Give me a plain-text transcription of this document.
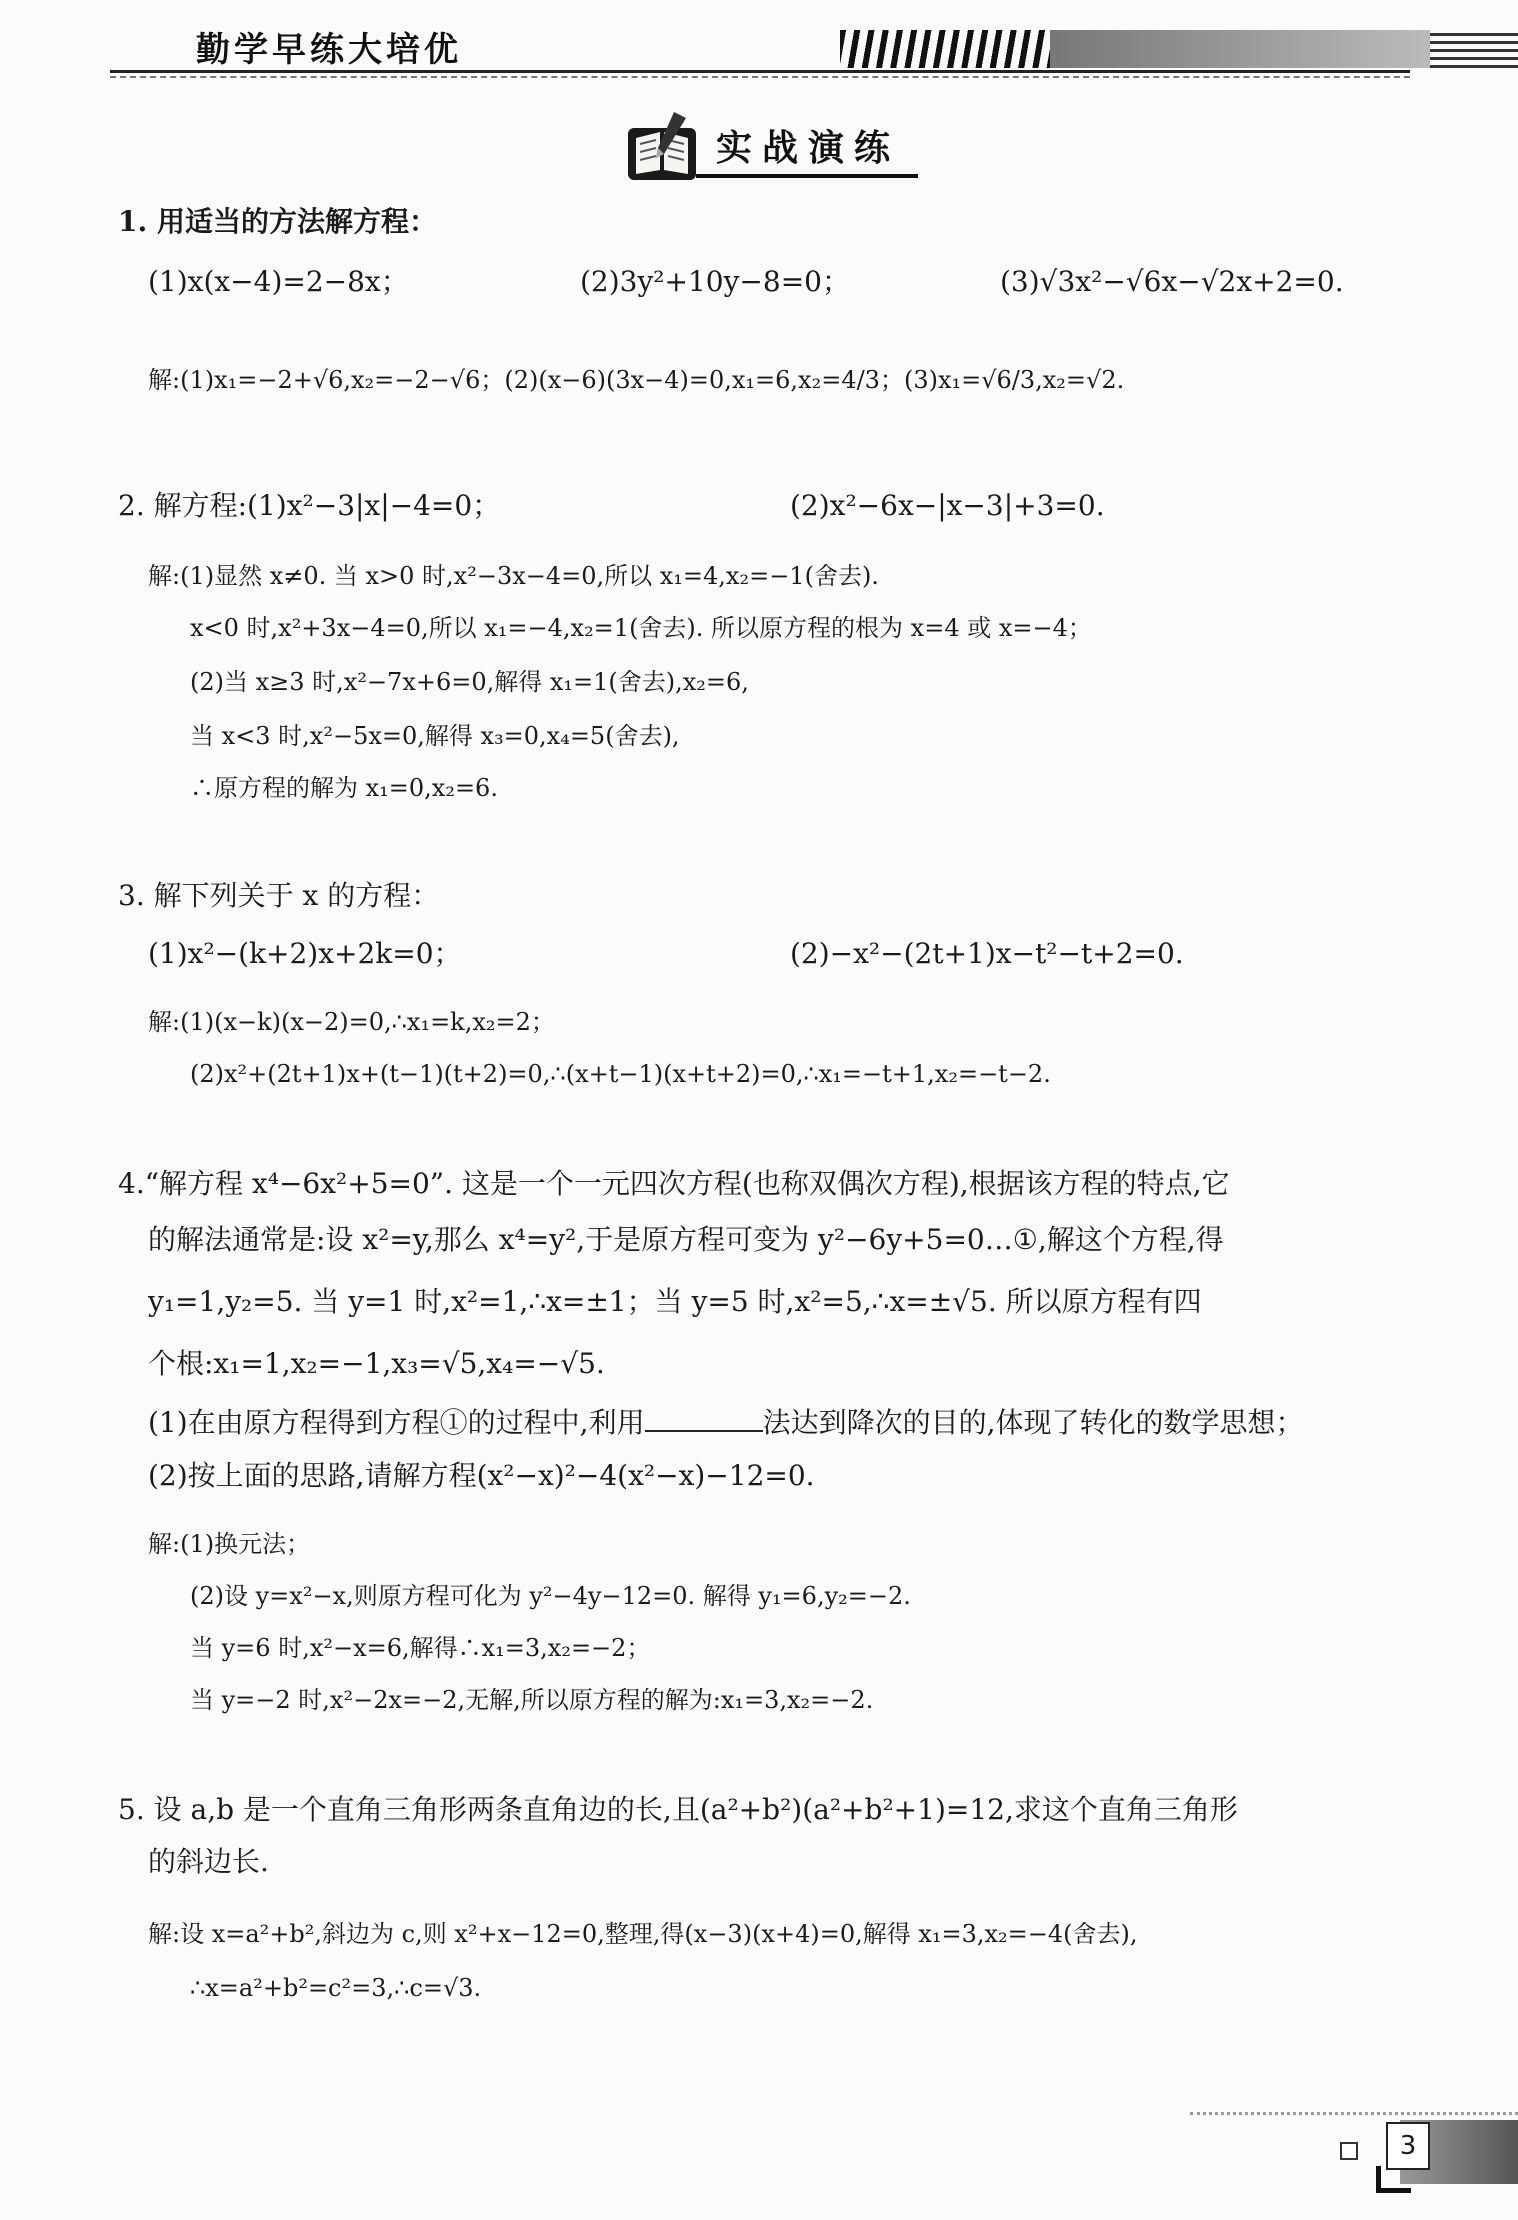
勤学早练大培优
实战演练
1. 用适当的方法解方程：
(1)x(x−4)=2−8x；	(2)3y²+10y−8=0；	(3)√3x²−√6x−√2x+2=0.
解:(1)x₁=−2+√6,x₂=−2−√6；(2)(x−6)(3x−4)=0,x₁=6,x₂=4/3；(3)x₁=√6/3,x₂=√2.
2. 解方程:(1)x²−3|x|−4=0；	(2)x²−6x−|x−3|+3=0.
解:(1)显然 x≠0. 当 x>0 时,x²−3x−4=0,所以 x₁=4,x₂=−1(舍去).
x<0 时,x²+3x−4=0,所以 x₁=−4,x₂=1(舍去). 所以原方程的根为 x=4 或 x=−4；
(2)当 x≥3 时,x²−7x+6=0,解得 x₁=1(舍去),x₂=6,
当 x<3 时,x²−5x=0,解得 x₃=0,x₄=5(舍去),
∴原方程的解为 x₁=0,x₂=6.
3. 解下列关于 x 的方程：
(1)x²−(k+2)x+2k=0；	(2)−x²−(2t+1)x−t²−t+2=0.
解:(1)(x−k)(x−2)=0,∴x₁=k,x₂=2；
(2)x²+(2t+1)x+(t−1)(t+2)=0,∴(x+t−1)(x+t+2)=0,∴x₁=−t+1,x₂=−t−2.
4.“解方程 x⁴−6x²+5=0”. 这是一个一元四次方程(也称双偶次方程),根据该方程的特点,它
的解法通常是:设 x²=y,那么 x⁴=y²,于是原方程可变为 y²−6y+5=0…①,解这个方程,得
y₁=1,y₂=5. 当 y=1 时,x²=1,∴x=±1；当 y=5 时,x²=5,∴x=±√5. 所以原方程有四
个根:x₁=1,x₂=−1,x₃=√5,x₄=−√5.
(1)在由原方程得到方程①的过程中,利用	法达到降次的目的,体现了转化的数学思想；
(2)按上面的思路,请解方程(x²−x)²−4(x²−x)−12=0.
解:(1)换元法；
(2)设 y=x²−x,则原方程可化为 y²−4y−12=0. 解得 y₁=6,y₂=−2.
当 y=6 时,x²−x=6,解得∴x₁=3,x₂=−2；
当 y=−2 时,x²−2x=−2,无解,所以原方程的解为:x₁=3,x₂=−2.
5. 设 a,b 是一个直角三角形两条直角边的长,且(a²+b²)(a²+b²+1)=12,求这个直角三角形
的斜边长.
解:设 x=a²+b²,斜边为 c,则 x²+x−12=0,整理,得(x−3)(x+4)=0,解得 x₁=3,x₂=−4(舍去),
∴x=a²+b²=c²=3,∴c=√3.
3
